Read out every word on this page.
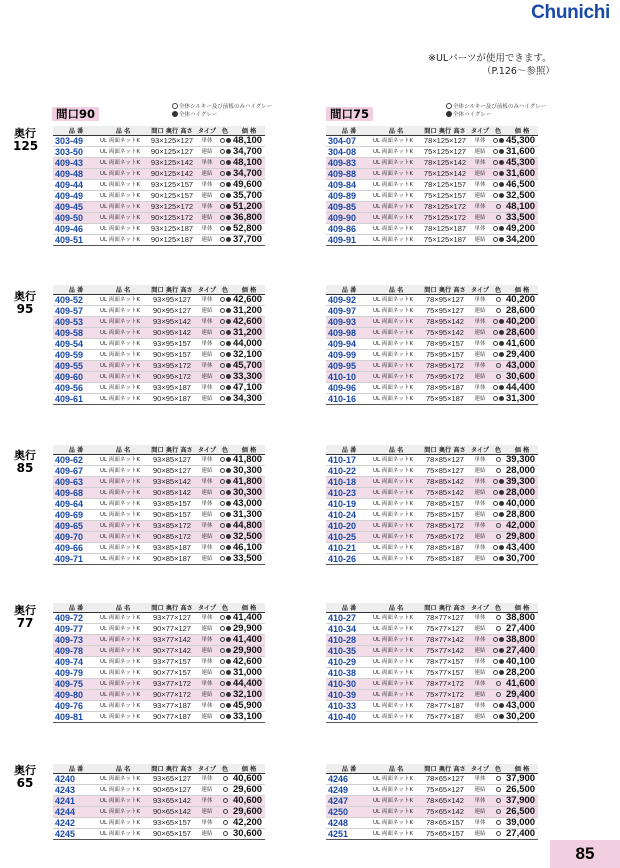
Chunichi
※ULパーツが使用できます。
（P.126～参照）
間口90	全体シルキー及び前板のみハイグレー
全体ハイグレー	間口75	全体シルキー及び前板のみハイグレー
全体ハイグレー
奥行
125
奥行
95
奥行
85
奥行
77
奥行
65
品 番	品 名	間口 奥行 高さ	タイプ	色	価 格
303-49	UL 両面ネットK	93×125×127	単体		48,100
303-50	UL 両面ネットK	90×125×127	連結		34,700
409-43	UL 両面ネットK	93×125×142	単体		48,100
409-48	UL 両面ネットK	90×125×142	連結		34,700
409-44	UL 両面ネットK	93×125×157	単体		49,600
409-49	UL 両面ネットK	90×125×157	連結		35,700
409-45	UL 両面ネットK	93×125×172	単体		51,200
409-50	UL 両面ネットK	90×125×172	連結		36,800
409-46	UL 両面ネットK	93×125×187	単体		52,800
409-51	UL 両面ネットK	90×125×187	連結		37,700
品 番	品 名	間口 奥行 高さ	タイプ	色	価 格
304-07	UL 両面ネットK	78×125×127	単体		45,300
304-08	UL 両面ネットK	75×125×127	連結		31,600
409-83	UL 両面ネットK	78×125×142	単体		45,300
409-88	UL 両面ネットK	75×125×142	連結		31,600
409-84	UL 両面ネットK	78×125×157	単体		46,500
409-89	UL 両面ネットK	75×125×157	連結		32,500
409-85	UL 両面ネットK	78×125×172	単体		48,100
409-90	UL 両面ネットK	75×125×172	連結		33,500
409-86	UL 両面ネットK	78×125×187	単体		49,200
409-91	UL 両面ネットK	75×125×187	連結		34,200
品 番	品 名	間口 奥行 高さ	タイプ	色	価 格
409-52	UL 両面ネットK	93×95×127	単体		42,600
409-57	UL 両面ネットK	90×95×127	連結		31,200
409-53	UL 両面ネットK	93×95×142	単体		42,600
409-58	UL 両面ネットK	90×95×142	連結		31,200
409-54	UL 両面ネットK	93×95×157	単体		44,000
409-59	UL 両面ネットK	90×95×157	連結		32,100
409-55	UL 両面ネットK	93×95×172	単体		45,700
409-60	UL 両面ネットK	90×95×172	連結		33,300
409-56	UL 両面ネットK	93×95×187	単体		47,100
409-61	UL 両面ネットK	90×95×187	連結		34,300
品 番	品 名	間口 奥行 高さ	タイプ	色	価 格
409-92	UL 両面ネットK	78×95×127	単体		40,200
409-97	UL 両面ネットK	75×95×127	連結		28,600
409-93	UL 両面ネットK	78×95×142	単体		40,200
409-98	UL 両面ネットK	75×95×142	連結		28,600
409-94	UL 両面ネットK	78×95×157	単体		41,600
409-99	UL 両面ネットK	75×95×157	連結		29,400
409-95	UL 両面ネットK	78×95×172	単体		43,000
410-10	UL 両面ネットK	75×95×172	連結		30,600
409-96	UL 両面ネットK	78×95×187	単体		44,400
410-16	UL 両面ネットK	75×95×187	連結		31,300
品 番	品 名	間口 奥行 高さ	タイプ	色	価 格
409-62	UL 両面ネットK	93×85×127	単体		41,800
409-67	UL 両面ネットK	90×85×127	連結		30,300
409-63	UL 両面ネットK	93×85×142	単体		41,800
409-68	UL 両面ネットK	90×85×142	連結		30,300
409-64	UL 両面ネットK	93×85×157	単体		43,000
409-69	UL 両面ネットK	90×85×157	連結		31,300
409-65	UL 両面ネットK	93×85×172	単体		44,800
409-70	UL 両面ネットK	90×85×172	連結		32,500
409-66	UL 両面ネットK	93×85×187	単体		46,100
409-71	UL 両面ネットK	90×85×187	連結		33,500
品 番	品 名	間口 奥行 高さ	タイプ	色	価 格
410-17	UL 両面ネットK	78×85×127	単体		39,300
410-22	UL 両面ネットK	75×85×127	連結		28,000
410-18	UL 両面ネットK	78×85×142	単体		39,300
410-23	UL 両面ネットK	75×85×142	連結		28,000
410-19	UL 両面ネットK	78×85×157	単体		40,000
410-24	UL 両面ネットK	75×85×157	連結		28,800
410-20	UL 両面ネットK	78×85×172	単体		42,000
410-25	UL 両面ネットK	75×85×172	連結		29,800
410-21	UL 両面ネットK	78×85×187	単体		43,400
410-26	UL 両面ネットK	75×85×187	連結		30,700
品 番	品 名	間口 奥行 高さ	タイプ	色	価 格
409-72	UL 両面ネットK	93×77×127	単体		41,400
409-77	UL 両面ネットK	90×77×127	連結		29,900
409-73	UL 両面ネットK	93×77×142	単体		41,400
409-78	UL 両面ネットK	90×77×142	連結		29,900
409-74	UL 両面ネットK	93×77×157	単体		42,600
409-79	UL 両面ネットK	90×77×157	連結		31,000
409-75	UL 両面ネットK	93×77×172	単体		44,400
409-80	UL 両面ネットK	90×77×172	連結		32,100
409-76	UL 両面ネットK	93×77×187	単体		45,900
409-81	UL 両面ネットK	90×77×187	連結		33,100
品 番	品 名	間口 奥行 高さ	タイプ	色	価 格
410-27	UL 両面ネットK	78×77×127	単体		38,800
410-34	UL 両面ネットK	75×77×127	連結		27,400
410-28	UL 両面ネットK	78×77×142	単体		38,800
410-35	UL 両面ネットK	75×77×142	連結		27,400
410-29	UL 両面ネットK	78×77×157	単体		40,100
410-38	UL 両面ネットK	75×77×157	連結		28,200
410-30	UL 両面ネットK	78×77×172	単体		41,600
410-39	UL 両面ネットK	75×77×172	連結		29,400
410-33	UL 両面ネットK	78×77×187	単体		43,000
410-40	UL 両面ネットK	75×77×187	連結		30,200
品 番	品 名	間口 奥行 高さ	タイプ	色	価 格
4240	UL 両面ネットK	93×65×127	単体		40,600
4243	UL 両面ネットK	90×65×127	連結		29,600
4241	UL 両面ネットK	93×65×142	単体		40,600
4244	UL 両面ネットK	90×65×142	連結		29,600
4242	UL 両面ネットK	93×65×157	単体		42,200
4245	UL 両面ネットK	90×65×157	連結		30,600
品 番	品 名	間口 奥行 高さ	タイプ	色	価 格
4246	UL 両面ネットK	78×65×127	単体		37,900
4249	UL 両面ネットK	75×65×127	連結		26,500
4247	UL 両面ネットK	78×65×142	単体		37,900
4250	UL 両面ネットK	75×65×142	連結		26,500
4248	UL 両面ネットK	78×65×157	単体		39,000
4251	UL 両面ネットK	75×65×157	連結		27,400
85
